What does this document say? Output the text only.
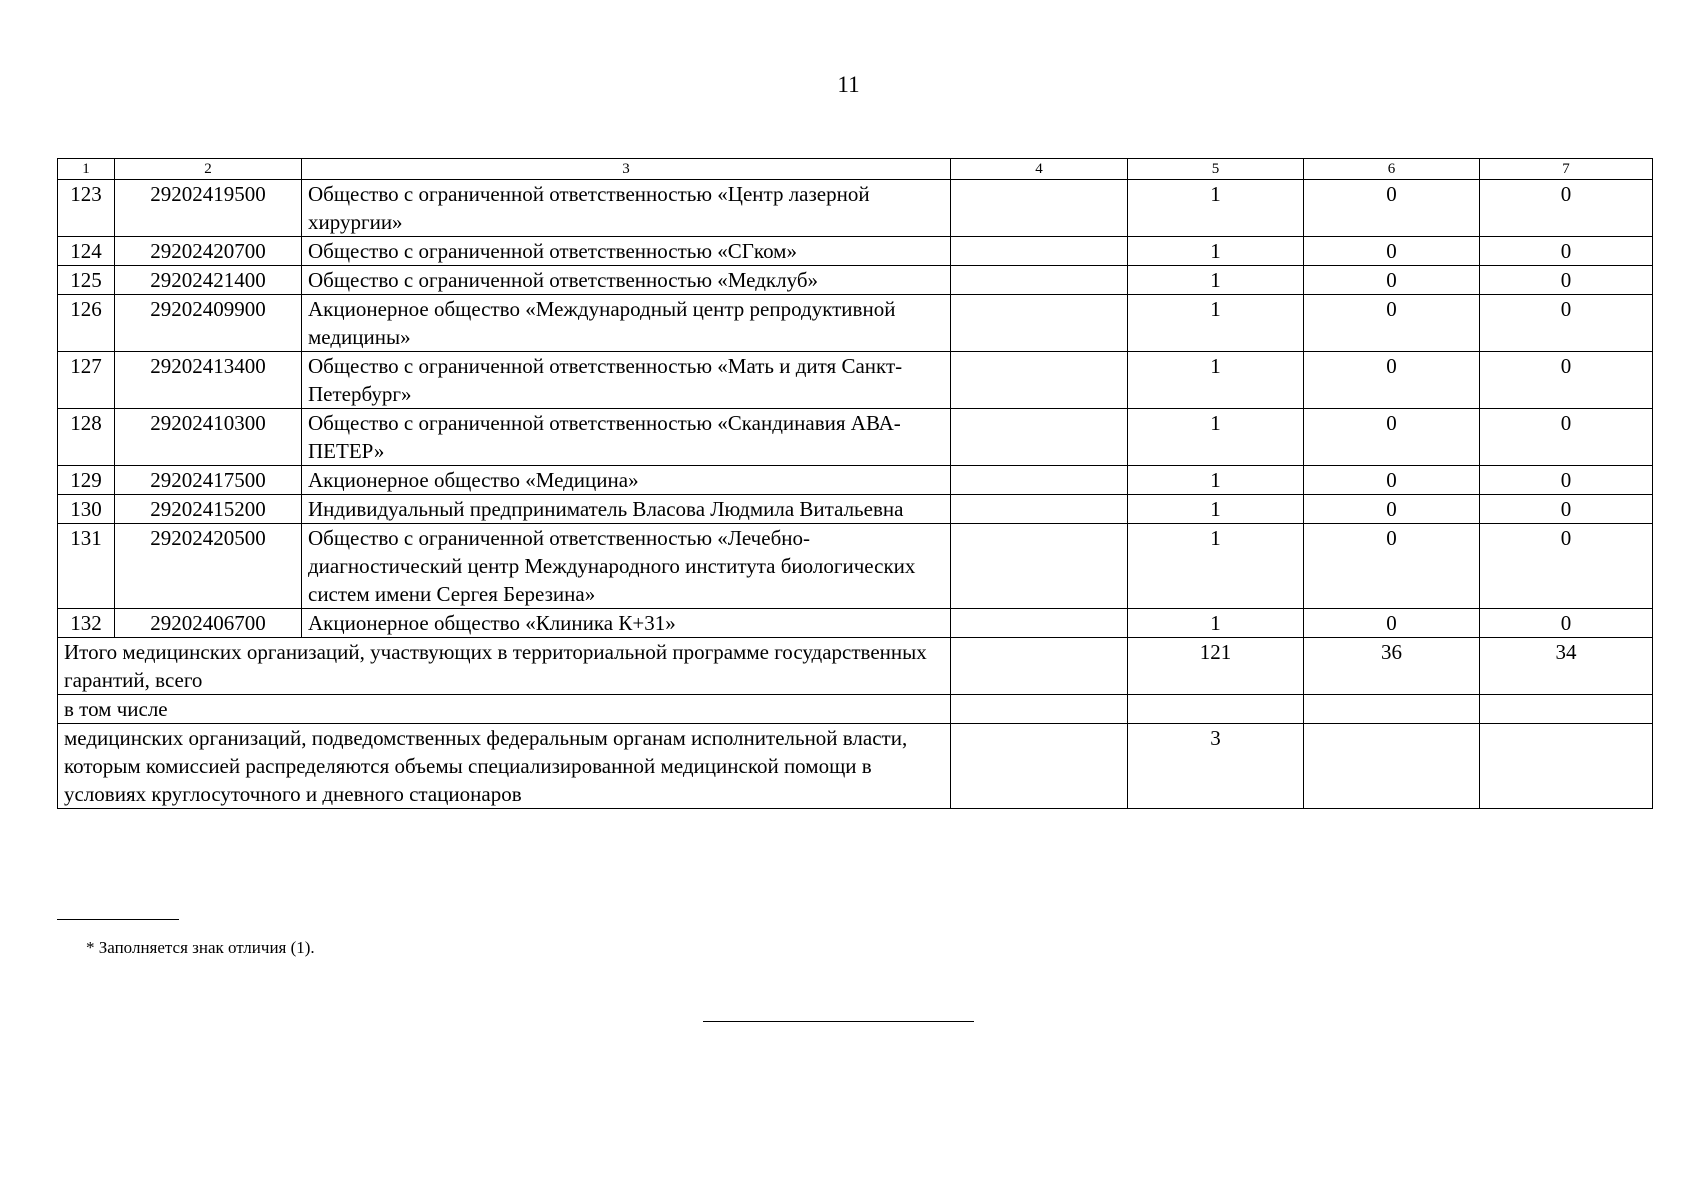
11
1	2	3	4	5	6	7
123	29202419500	Общество с ограниченной ответственностью «Центр лазерной хирургии»		1	0	0
124	29202420700	Общество с ограниченной ответственностью «СГком»		1	0	0
125	29202421400	Общество с ограниченной ответственностью «Медклуб»		1	0	0
126	29202409900	Акционерное общество «Международный центр репродуктивной медицины»		1	0	0
127	29202413400	Общество с ограниченной ответственностью «Мать и дитя Санкт-Петербург»		1	0	0
128	29202410300	Общество с ограниченной ответственностью «Скандинавия АВА-ПЕТЕР»		1	0	0
129	29202417500	Акционерное общество «Медицина»		1	0	0
130	29202415200	Индивидуальный предприниматель Власова Людмила Витальевна		1	0	0
131	29202420500	Общество с ограниченной ответственностью «Лечебно-диагностический центр Международного института биологических систем имени Сергея Березина»		1	0	0
132	29202406700	Акционерное общество «Клиника К+31»		1	0	0
Итого медицинских организаций, участвующих в территориальной программе государственных гарантий, всего				121	36	34
в том числе						
медицинских организаций, подведомственных федеральным органам исполнительной власти, которым комиссией распределяются объемы специализированной медицинской помощи в условиях круглосуточного и дневного стационаров				3		
* Заполняется знак отличия (1).
